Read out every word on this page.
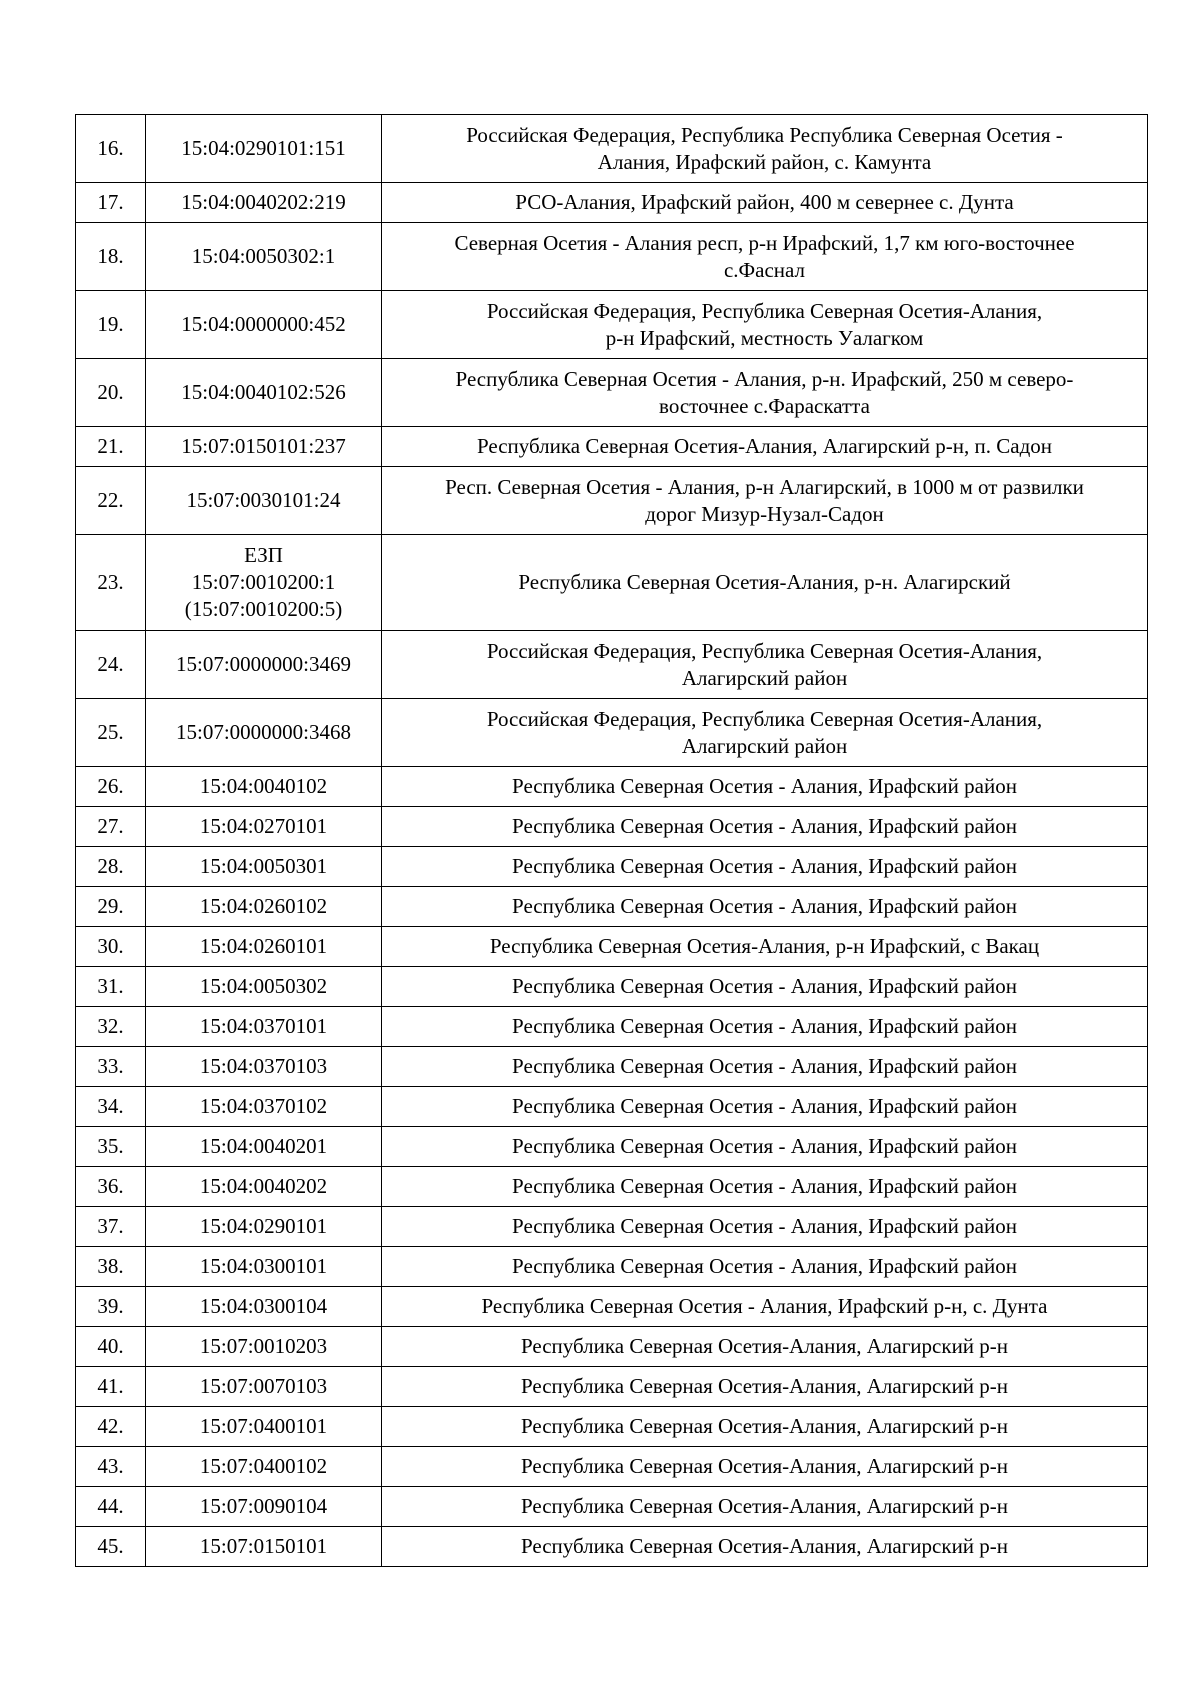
16.	15:04:0290101:151	Российская Федерация, Республика Республика Северная Осетия -
Алания, Ирафский район, с. Камунта
17.	15:04:0040202:219	РСО-Алания, Ирафский район, 400 м севернее с. Дунта
18.	15:04:0050302:1	Северная Осетия - Алания респ, р-н Ирафский, 1,7 км юго-восточнее
с.Фаснал
19.	15:04:0000000:452	Российская Федерация, Республика Северная Осетия-Алания,
р-н Ирафский, местность Уалагком
20.	15:04:0040102:526	Республика Северная Осетия - Алания, р-н. Ирафский, 250 м северо-
восточнее с.Фараскатта
21.	15:07:0150101:237	Республика Северная Осетия-Алания, Алагирский р-н, п. Садон
22.	15:07:0030101:24	Респ. Северная Осетия - Алания, р-н Алагирский, в 1000 м от развилки
дорог Мизур-Нузал-Садон
23.	ЕЗП
15:07:0010200:1
(15:07:0010200:5)	Республика Северная Осетия-Алания, р-н. Алагирский
24.	15:07:0000000:3469	Российская Федерация, Республика Северная Осетия-Алания,
Алагирский район
25.	15:07:0000000:3468	Российская Федерация, Республика Северная Осетия-Алания,
Алагирский район
26.	15:04:0040102	Республика Северная Осетия - Алания, Ирафский район
27.	15:04:0270101	Республика Северная Осетия - Алания, Ирафский район
28.	15:04:0050301	Республика Северная Осетия - Алания, Ирафский район
29.	15:04:0260102	Республика Северная Осетия - Алания, Ирафский район
30.	15:04:0260101	Республика Северная Осетия-Алания, р-н Ирафский, с Вакац
31.	15:04:0050302	Республика Северная Осетия - Алания, Ирафский район
32.	15:04:0370101	Республика Северная Осетия - Алания, Ирафский район
33.	15:04:0370103	Республика Северная Осетия - Алания, Ирафский район
34.	15:04:0370102	Республика Северная Осетия - Алания, Ирафский район
35.	15:04:0040201	Республика Северная Осетия - Алания, Ирафский район
36.	15:04:0040202	Республика Северная Осетия - Алания, Ирафский район
37.	15:04:0290101	Республика Северная Осетия - Алания, Ирафский район
38.	15:04:0300101	Республика Северная Осетия - Алания, Ирафский район
39.	15:04:0300104	Республика Северная Осетия - Алания, Ирафский р-н, с. Дунта
40.	15:07:0010203	Республика Северная Осетия-Алания, Алагирский р-н
41.	15:07:0070103	Республика Северная Осетия-Алания, Алагирский р-н
42.	15:07:0400101	Республика Северная Осетия-Алания, Алагирский р-н
43.	15:07:0400102	Республика Северная Осетия-Алания, Алагирский р-н
44.	15:07:0090104	Республика Северная Осетия-Алания, Алагирский р-н
45.	15:07:0150101	Республика Северная Осетия-Алания, Алагирский р-н
